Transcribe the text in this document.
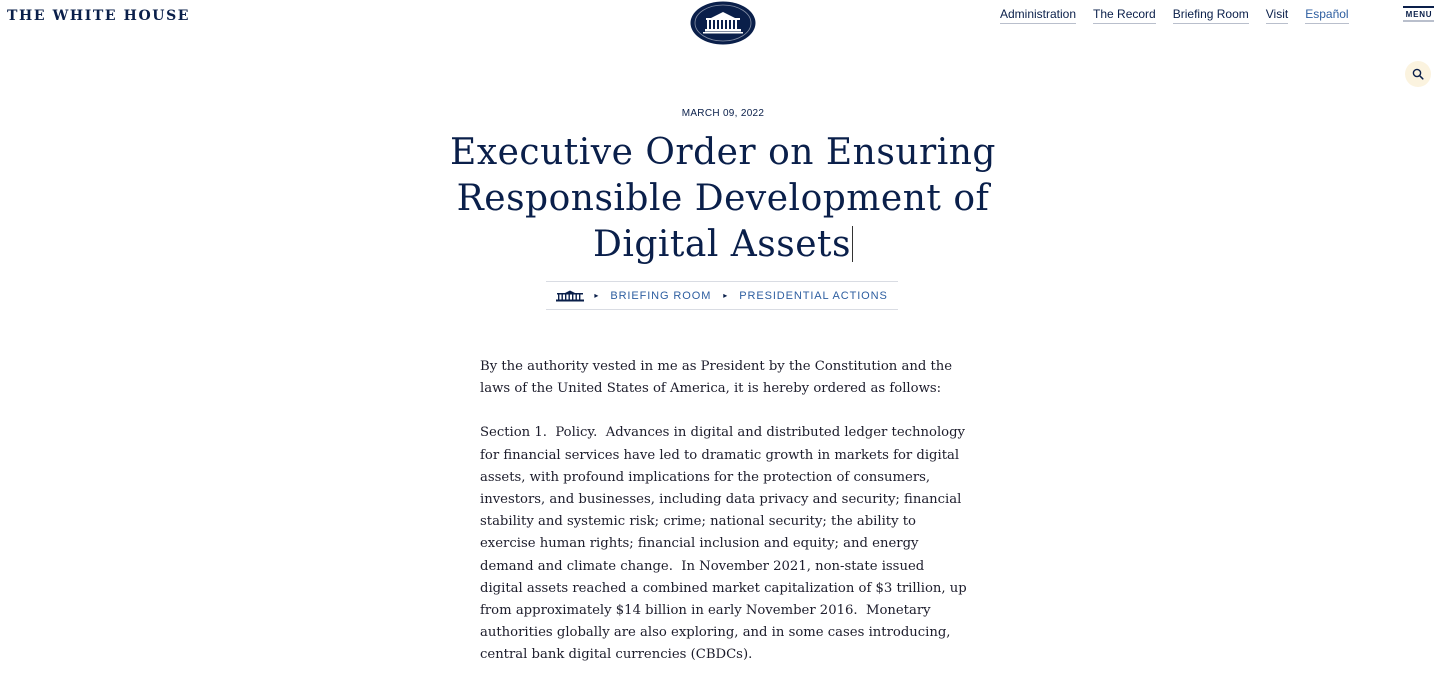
THE WHITE HOUSE	Administration The Record Briefing Room Visit Español	MENU
MARCH 09, 2022
Executive Order on Ensuring Responsible Development of Digital Assets
▸ BRIEFING ROOM ▸ PRESIDENTIAL ACTIONS

By the authority vested in me as President by the Constitution and the laws of the United States of America, it is hereby ordered as follows:

Section 1.  Policy.  Advances in digital and distributed ledger technology for financial services have led to dramatic growth in markets for digital assets, with profound implications for the protection of consumers, investors, and businesses, including data privacy and security; financial stability and systemic risk; crime; national security; the ability to exercise human rights; financial inclusion and equity; and energy demand and climate change.  In November 2021, non-state issued digital assets reached a combined market capitalization of $3 trillion, up from approximately $14 billion in early November 2016.  Monetary authorities globally are also exploring, and in some cases introducing, central bank digital currencies (CBDCs).
